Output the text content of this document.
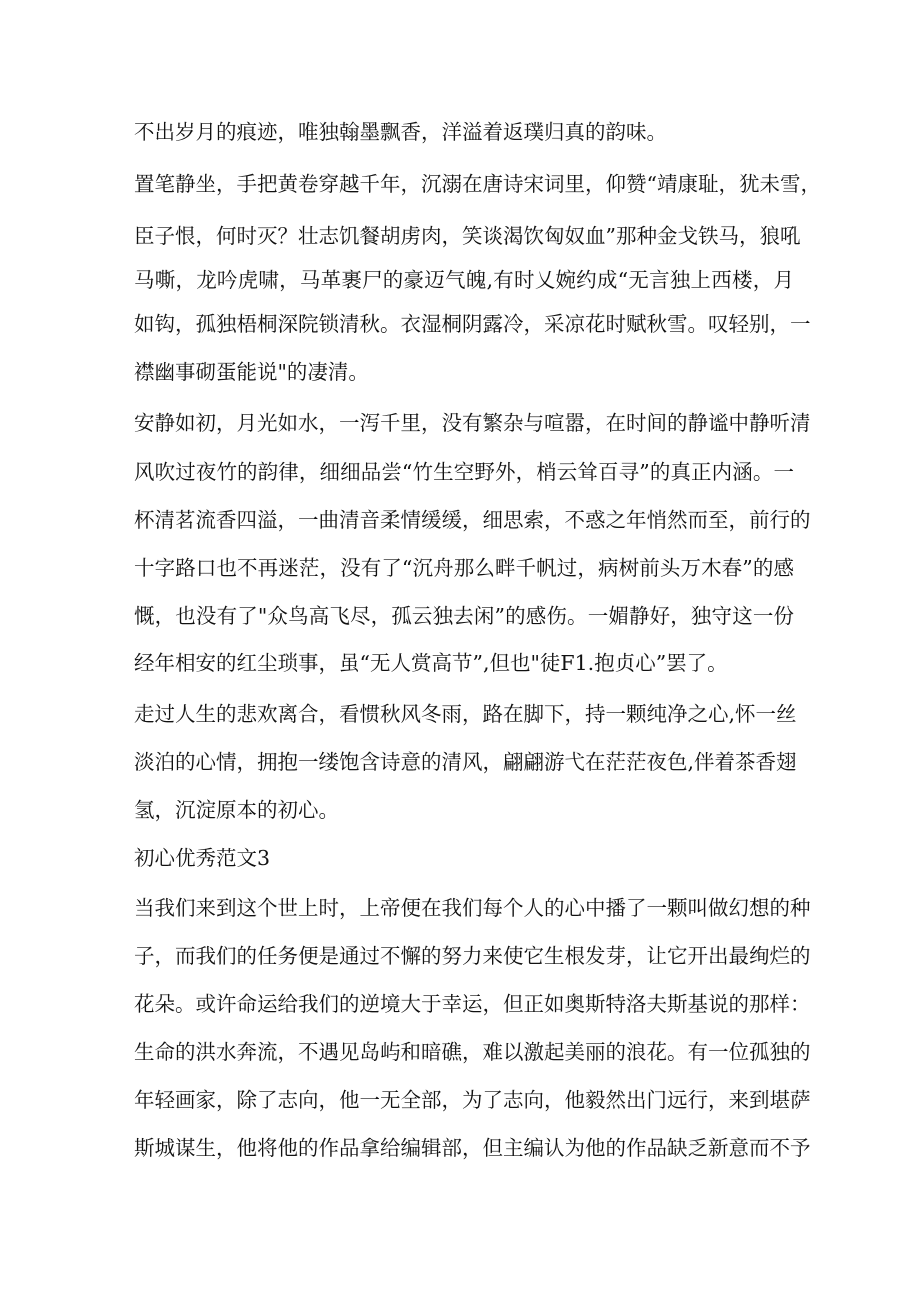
不出岁月的痕迹，唯独翰墨飘香，洋溢着返璞归真的韵味。
置笔静坐，手把黄卷穿越千年，沉溺在唐诗宋词里，仰赞“靖康耻，犹未雪，
臣子恨，何时灭？壮志饥餐胡虏肉，笑谈渴饮匈奴血”那种金戈铁马，狼吼
马嘶，龙吟虎啸，马革裹尸的豪迈气魄,有时乂婉约成“无言独上西楼，月
如钩，孤独梧桐深院锁清秋。衣湿桐阴露冷，采凉花时赋秋雪。叹轻别，一
襟幽事砌蛋能说"的凄清。
安静如初，月光如水，一泻千里，没有繁杂与喧嚣，在时间的静谧中静听清
风吹过夜竹的韵律，细细品尝“竹生空野外，梢云耸百寻”的真正内涵。一
杯清茗流香四溢，一曲清音柔情缓缓，细思索，不惑之年悄然而至，前行的
十字路口也不再迷茫，没有了“沉舟那么畔千帆过，病树前头万木春”的感
慨，也没有了"众鸟高飞尽，孤云独去闲”的感伤。一媚静好，独守这一份
经年相安的红尘琐事，虽“无人赏高节”,但也"徒F1.抱贞心”罢了。
走过人生的悲欢离合，看惯秋风冬雨，路在脚下，持一颗纯净之心,怀一丝
淡泊的心情，拥抱一缕饱含诗意的清风，翩翩游弋在茫茫夜色,伴着茶香翅
氢，沉淀原本的初心。
初心优秀范文3
当我们来到这个世上时，上帝便在我们每个人的心中播了一颗叫做幻想的种
子，而我们的任务便是通过不懈的努力来使它生根发芽，让它开出最绚烂的
花朵。或许命运给我们的逆境大于幸运，但正如奥斯特洛夫斯基说的那样：
生命的洪水奔流，不遇见岛屿和暗礁，难以激起美丽的浪花。有一位孤独的
年轻画家，除了志向，他一无全部，为了志向，他毅然出门远行，来到堪萨
斯城谋生，他将他的作品拿给编辑部，但主编认为他的作品缺乏新意而不予
